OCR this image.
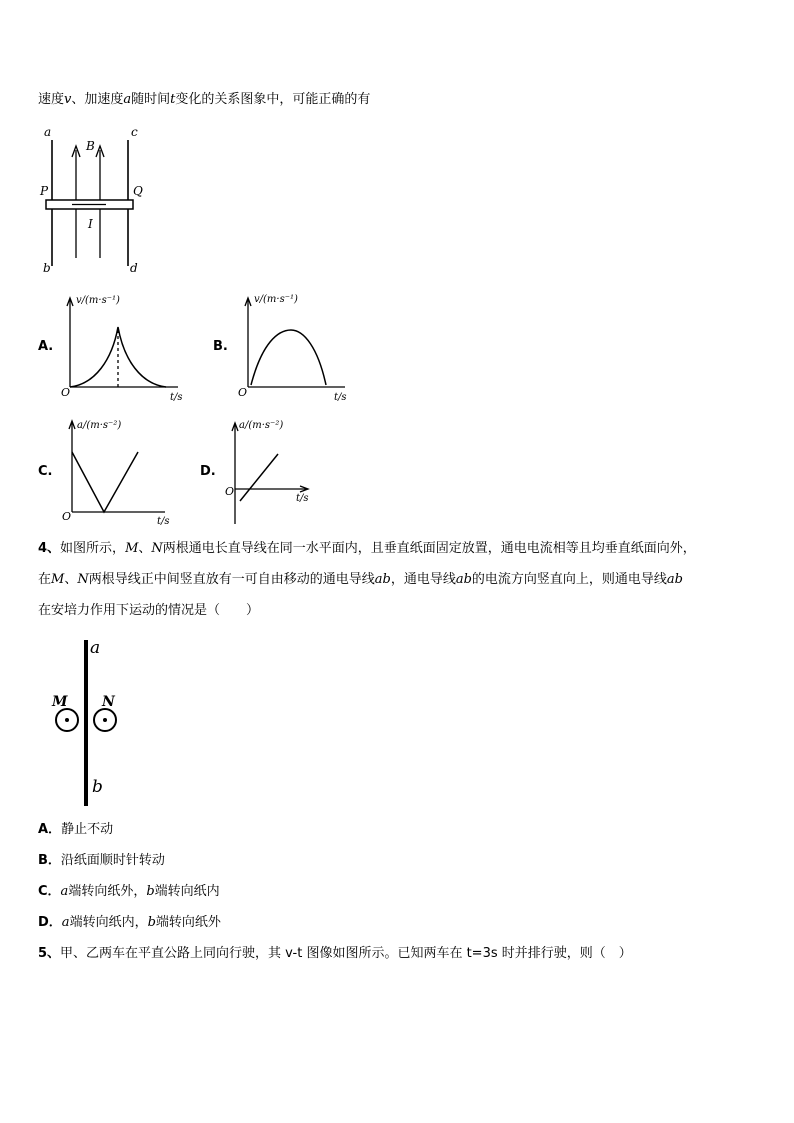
速度v、加速度a随时间t变化的关系图象中，可能正确的有
a	c
b	d
P	Q
B
I
v/(m·s⁻¹)
t/s
O
v/(m·s⁻¹)
t/s
O
a/(m·s⁻²)
t/s
O
a/(m·s⁻²)
t/s
O
A.	B.
C.	D.
4、如图所示，M、N两根通电长直导线在同一水平面内，且垂直纸面固定放置，通电电流相等且均垂直纸面向外，
在M、N两根导线正中间竖直放有一可自由移动的通电导线ab，通电导线ab的电流方向竖直向上，则通电导线ab
在安培力作用下运动的情况是（　　）
a
b
M N
A．静止不动
B．沿纸面顺时针转动
C．a端转向纸外，b端转向纸内
D．a端转向纸内，b端转向纸外
5、甲、乙两车在平直公路上同向行驶，其 v-t 图像如图所示。已知两车在 t=3s 时并排行驶，则（　）
